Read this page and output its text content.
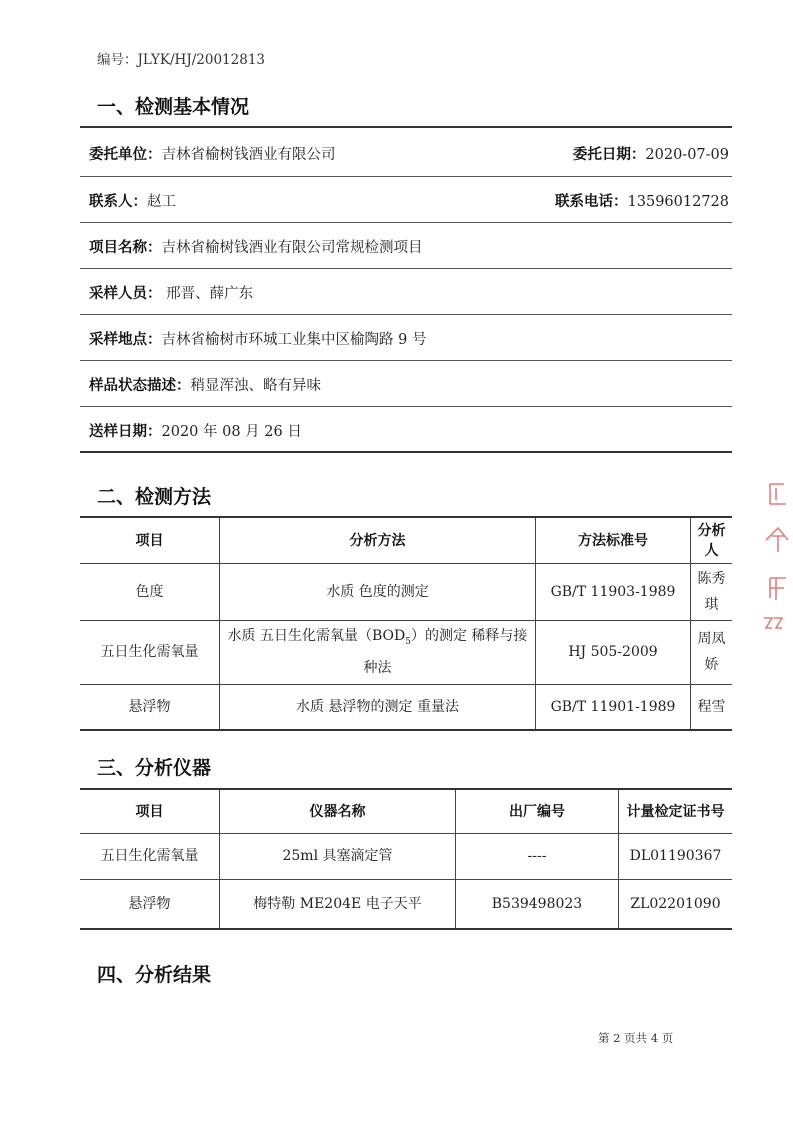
编号：JLYK/HJ/20012813
一、检测基本情况
委托单位：吉林省榆树钱酒业有限公司	委托日期：2020-07-09
联系人：赵工	联系电话：13596012728
项目名称： 吉林省榆树钱酒业有限公司常规检测项目
采样人员： 邢晋、薛广东
采样地点： 吉林省榆树市环城工业集中区榆陶路 9 号
样品状态描述： 稍显浑浊、略有异味
送样日期： 2020 年 08 月 26 日
二、检测方法
项目	分析方法	方法标准号	分析人
色度	水质 色度的测定	GB/T 11903-1989	陈秀琪
五日生化需氧量	水质 五日生化需氧量$(BOD_5)$的测定 稀释与接种法	HJ 505-2009	周凤娇
悬浮物	水质 悬浮物的测定 重量法	GB/T 11901-1989	程雪
三、分析仪器
项目	仪器名称	出厂编号	计量检定证书号
五日生化需氧量	25ml 具塞滴定管	----	DL01190367
悬浮物	梅特勒 ME204E 电子天平	B539498023	ZL02201090
四、分析结果
第 2 页共 4 页
